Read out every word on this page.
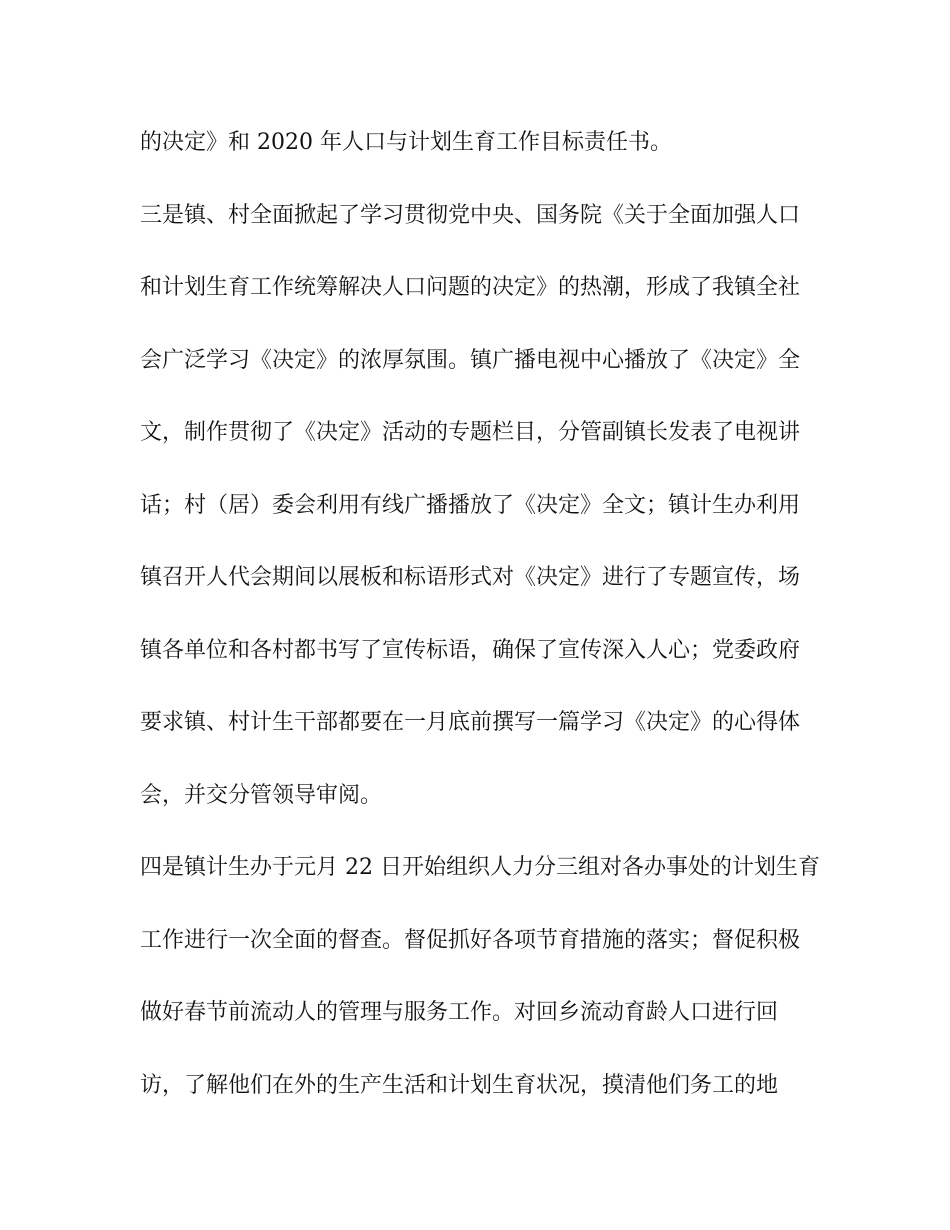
的决定》和 2020 年人口与计划生育工作目标责任书。
三是镇、村全面掀起了学习贯彻党中央、国务院《关于全面加强人口
和计划生育工作统筹解决人口问题的决定》的热潮，形成了我镇全社
会广泛学习《决定》的浓厚氛围。镇广播电视中心播放了《决定》全
文，制作贯彻了《决定》活动的专题栏目，分管副镇长发表了电视讲
话；村（居）委会利用有线广播播放了《决定》全文；镇计生办利用
镇召开人代会期间以展板和标语形式对《决定》进行了专题宣传，场
镇各单位和各村都书写了宣传标语，确保了宣传深入人心；党委政府
要求镇、村计生干部都要在一月底前撰写一篇学习《决定》的心得体
会，并交分管领导审阅。
四是镇计生办于元月 22 日开始组织人力分三组对各办事处的计划生育
工作进行一次全面的督查。督促抓好各项节育措施的落实；督促积极
做好春节前流动人的管理与服务工作。对回乡流动育龄人口进行回
访，了解他们在外的生产生活和计划生育状况，摸清他们务工的地
